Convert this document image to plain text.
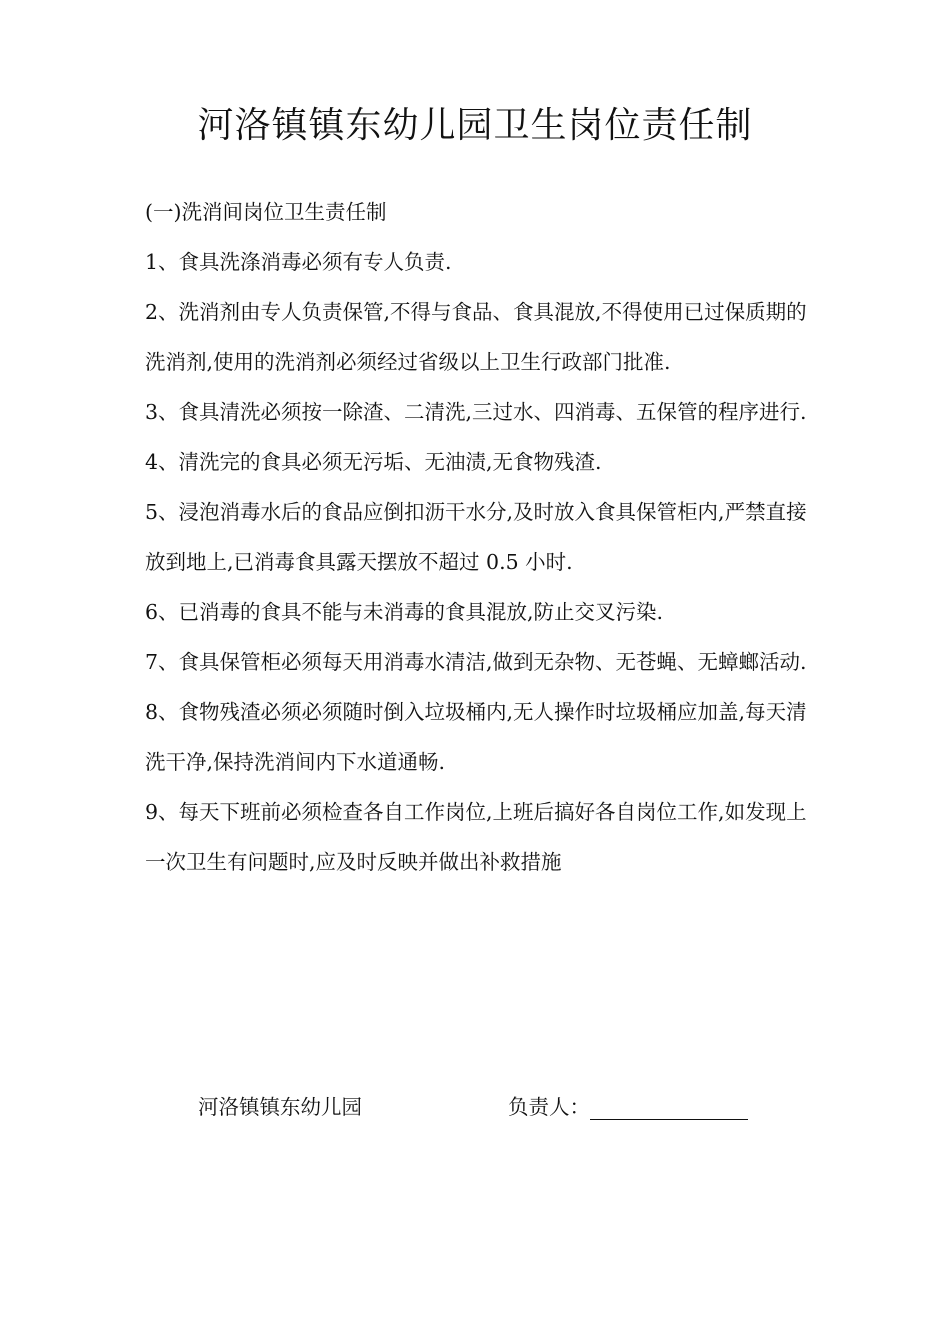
河洛镇镇东幼儿园卫生岗位责任制

(一)洗消间岗位卫生责任制

1、食具洗涤消毒必须有专人负责.

2、洗消剂由专人负责保管,不得与食品、食具混放,不得使用已过保质期的洗消剂,使用的洗消剂必须经过省级以上卫生行政部门批准.

3、食具清洗必须按一除渣、二清洗,三过水、四消毒、五保管的程序进行.

4、清洗完的食具必须无污垢、无油渍,无食物残渣.

5、浸泡消毒水后的食品应倒扣沥干水分,及时放入食具保管柜内,严禁直接放到地上,已消毒食具露天摆放不超过 0.5 小时.

6、已消毒的食具不能与未消毒的食具混放,防止交叉污染.

7、食具保管柜必须每天用消毒水清洁,做到无杂物、无苍蝇、无蟑螂活动.

8、食物残渣必须必须随时倒入垃圾桶内,无人操作时垃圾桶应加盖,每天清洗干净,保持洗消间内下水道通畅.

9、每天下班前必须检查各自工作岗位,上班后搞好各自岗位工作,如发现上一次卫生有问题时,应及时反映并做出补救措施

河洛镇镇东幼儿园	负责人：
